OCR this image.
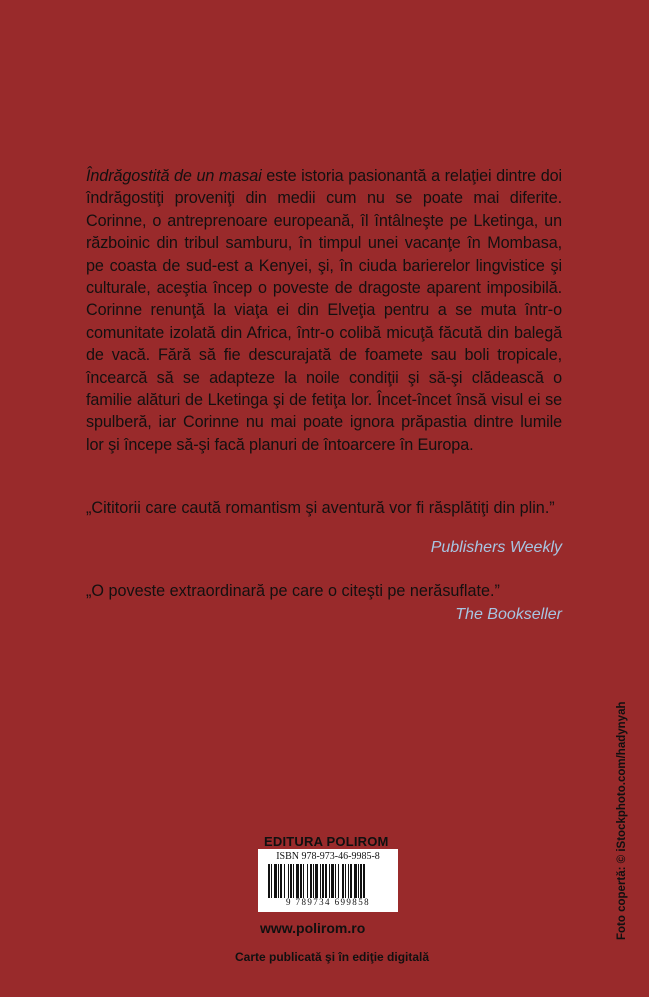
Îndrăgostită de un masai este istoria pasionantă a relaţiei dintre doi îndrăgostiţi proveniţi din medii cum nu se poate mai diferite. Corinne, o antreprenoare europeană, îl întâlneşte pe Lketinga, un războinic din tribul samburu, în timpul unei vacanţe în Mombasa, pe coasta de sud-est a Kenyei, şi, în ciuda barierelor lingvistice şi culturale, aceştia încep o poveste de dragoste aparent imposibilă. Corinne renunţă la viaţa ei din Elveţia pentru a se muta într-o comunitate izolată din Africa, într-o colibă micuţă făcută din balegă de vacă. Fără să fie descurajată de foamete sau boli tropicale, încearcă să se adapteze la noile condiţii şi să-şi clădească o familie alături de Lketinga şi de fetiţa lor. Încet-încet însă visul ei se spulberă, iar Corinne nu mai poate ignora prăpastia dintre lumile lor şi începe să-şi facă planuri de întoarcere în Europa.
„Cititorii care caută romantism şi aventură vor fi răsplătiţi din plin.”
Publishers Weekly
„O poveste extraordinară pe care o citeşti pe nerăsuflate.”
The Bookseller
EDITURA POLIROM
ISBN 978-973-46-9985-8
9 789734 699858
www.polirom.ro
Carte publicată şi în ediţie digitală
Foto copertă: © iStockphoto.com/hadynyah
